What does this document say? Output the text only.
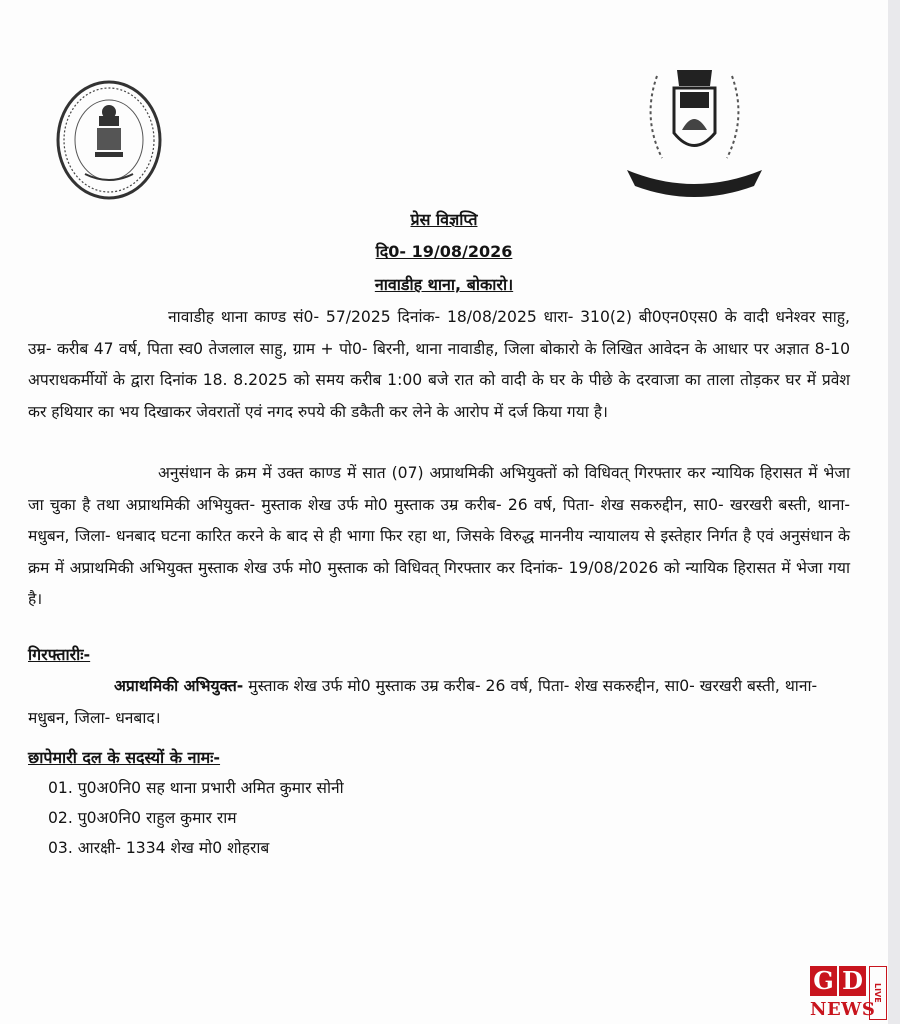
प्रेस विज्ञप्ति
दि0- 19/08/2026
नावाडीह थाना, बोकारो।
नावाडीह थाना काण्ड सं0- 57/2025 दिनांक- 18/08/2025 धारा- 310(2) बी0एन0एस0 के वादी धनेश्वर साहु, उम्र- करीब 47 वर्ष, पिता स्व0 तेजलाल साहु, ग्राम + पो0- बिरनी, थाना नावाडीह, जिला बोकारो के लिखित आवेदन के आधार पर अज्ञात 8-10 अपराधकर्मीयों के द्वारा दिनांक 18. 8.2025 को समय करीब 1:00 बजे रात को वादी के घर के पीछे के दरवाजा का ताला तोड़कर घर में प्रवेश कर हथियार का भय दिखाकर जेवरातों एवं नगद रुपये की डकैती कर लेने के आरोप में दर्ज किया गया है।
अनुसंधान के क्रम में उक्त काण्ड में सात (07) अप्राथमिकी अभियुक्तों को विधिवत् गिरफ्तार कर न्यायिक हिरासत में भेजा जा चुका है तथा अप्राथमिकी अभियुक्त- मुस्ताक शेख उर्फ मो0 मुस्ताक उम्र करीब- 26 वर्ष, पिता- शेख सकरुद्दीन, सा0- खरखरी बस्ती, थाना- मधुबन, जिला- धनबाद घटना कारित करने के बाद से ही भागा फिर रहा था, जिसके विरुद्ध माननीय न्यायालय से इस्तेहार निर्गत है एवं अनुसंधान के क्रम में अप्राथमिकी अभियुक्त मुस्ताक शेख उर्फ मो0 मुस्ताक को विधिवत् गिरफ्तार कर दिनांक- 19/08/2026 को न्यायिक हिरासत में भेजा गया है।
गिरफ्तारीः-
अप्राथमिकी अभियुक्त- मुस्ताक शेख उर्फ मो0 मुस्ताक उम्र करीब- 26 वर्ष, पिता- शेख सकरुद्दीन, सा0- खरखरी बस्ती, थाना- मधुबन, जिला- धनबाद।
छापेमारी दल के सदस्यों के नामः-
01. पु0अ0नि0 सह थाना प्रभारी अमित कुमार सोनी
02. पु0अ0नि0 राहुल कुमार राम
03. आरक्षी- 1334 शेख मो0 शोहराब
G D	LIVE
NEWS
